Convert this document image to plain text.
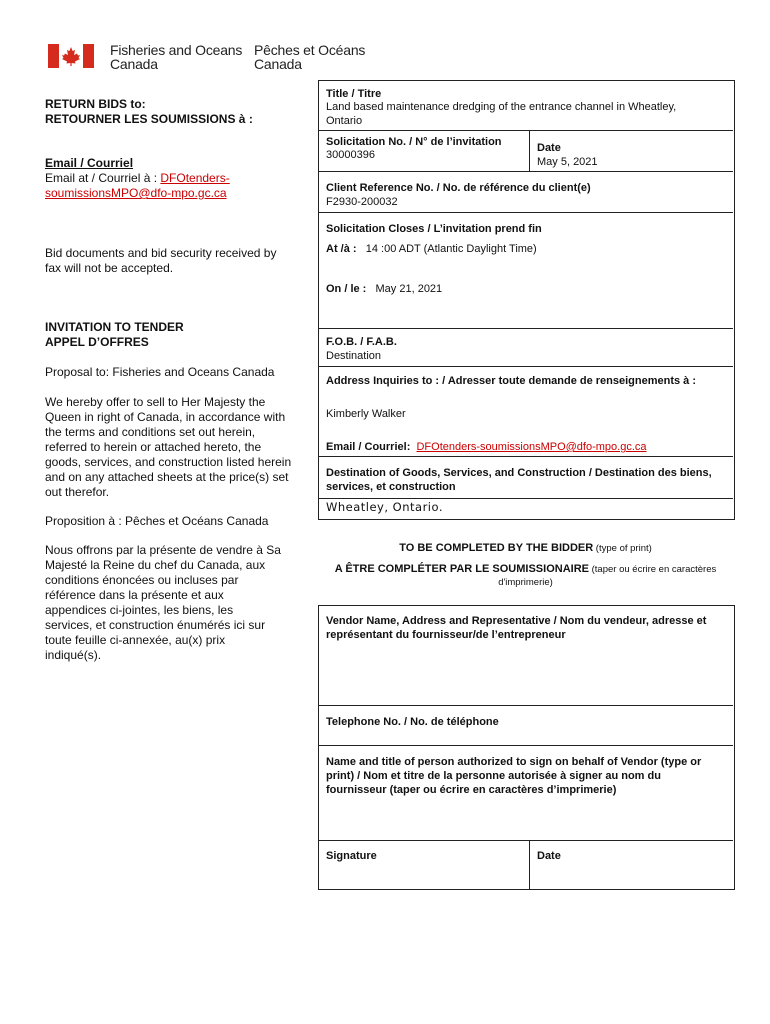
Fisheries and Oceans
Canada
Pêches et Océans
Canada
RETURN BIDS to:
RETOURNER LES SOUMISSIONS à :
Email / Courriel
Email at / Courriel à : DFOtenders-
soumissionsMPO@dfo-mpo.gc.ca
Bid documents and bid security received by
fax will not be accepted.
INVITATION TO TENDER
APPEL D’OFFRES
Proposal to: Fisheries and Oceans Canada
We hereby offer to sell to Her Majesty the
Queen in right of Canada, in accordance with
the terms and conditions set out herein,
referred to herein or attached hereto, the
goods, services, and construction listed herein
and on any attached sheets at the price(s) set
out therefor.
Proposition à : Pêches et Océans Canada
Nous offrons par la présente de vendre à Sa
Majesté la Reine du chef du Canada, aux
conditions énoncées ou incluses par
référence dans la présente et aux
appendices ci-jointes, les biens, les
services, et construction énumérés ici sur
toute feuille ci-annexée, au(x) prix
indiqué(s).
Title / Titre
Land based maintenance dredging of the entrance channel in Wheatley,
Ontario
Solicitation No. / N° de l’invitation
30000396
Date
May 5, 2021
Client Reference No. / No. de référence du client(e)
F2930-200032
Solicitation Closes / L’invitation prend fin
At /à : 14 :00 ADT (Atlantic Daylight Time)
On / le : May 21, 2021
F.O.B. / F.A.B.
Destination
Address Inquiries to : / Adresser toute demande de renseignements à :
Kimberly Walker
Email / Courriel: DFOtenders-soumissionsMPO@dfo-mpo.gc.ca
Destination of Goods, Services, and Construction / Destination des biens,
services, et construction
Wheatley, Ontario.
TO BE COMPLETED BY THE BIDDER (type of print)
A ÊTRE COMPLÉTER PAR LE SOUMISSIONAIRE (taper ou écrire en caractères
d'imprimerie)
Vendor Name, Address and Representative / Nom du vendeur, adresse et
représentant du fournisseur/de l’entrepreneur
Telephone No. / No. de téléphone
Name and title of person authorized to sign on behalf of Vendor (type or
print) / Nom et titre de la personne autorisée à signer au nom du
fournisseur (taper ou écrire en caractères d’imprimerie)
Signature	Date
